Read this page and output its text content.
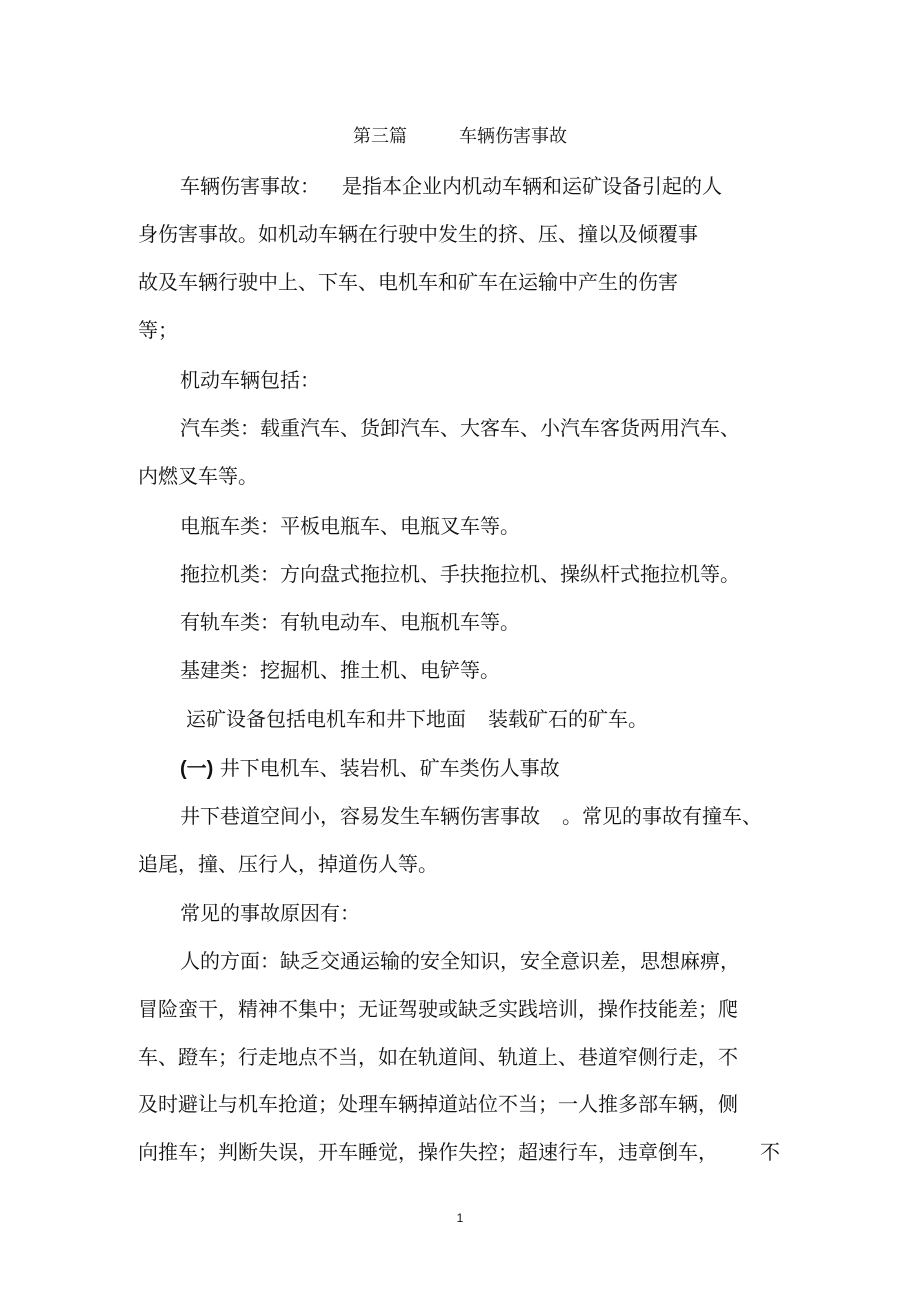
第三篇	车辆伤害事故
车辆伤害事故： 是指本企业内机动车辆和运矿设备引起的人
身伤害事故。如机动车辆在行驶中发生的挤、压、撞以及倾覆事
故及车辆行驶中上、下车、电机车和矿车在运输中产生的伤害
等；
机动车辆包括：
汽车类：载重汽车、货卸汽车、大客车、小汽车客货两用汽车、
内燃叉车等。
电瓶车类：平板电瓶车、电瓶叉车等。
拖拉机类：方向盘式拖拉机、手扶拖拉机、操纵杆式拖拉机等。
有轨车类：有轨电动车、电瓶机车等。
基建类：挖掘机、推土机、电铲等。
运矿设备包括电机车和井下地面 装载矿石的矿车。
(一) 井下电机车、装岩机、矿车类伤人事故
井下巷道空间小，容易发生车辆伤害事故 。常见的事故有撞车、
追尾，撞、压行人，掉道伤人等。
常见的事故原因有：
人的方面：缺乏交通运输的安全知识，安全意识差，思想麻痹，
冒险蛮干，精神不集中；无证驾驶或缺乏实践培训，操作技能差；爬
车、蹬车；行走地点不当，如在轨道间、轨道上、巷道窄侧行走，不
及时避让与机车抢道；处理车辆掉道站位不当；一人推多部车辆，侧
向推车；判断失误，开车睡觉，操作失控；超速行车，违章倒车， 不
1
